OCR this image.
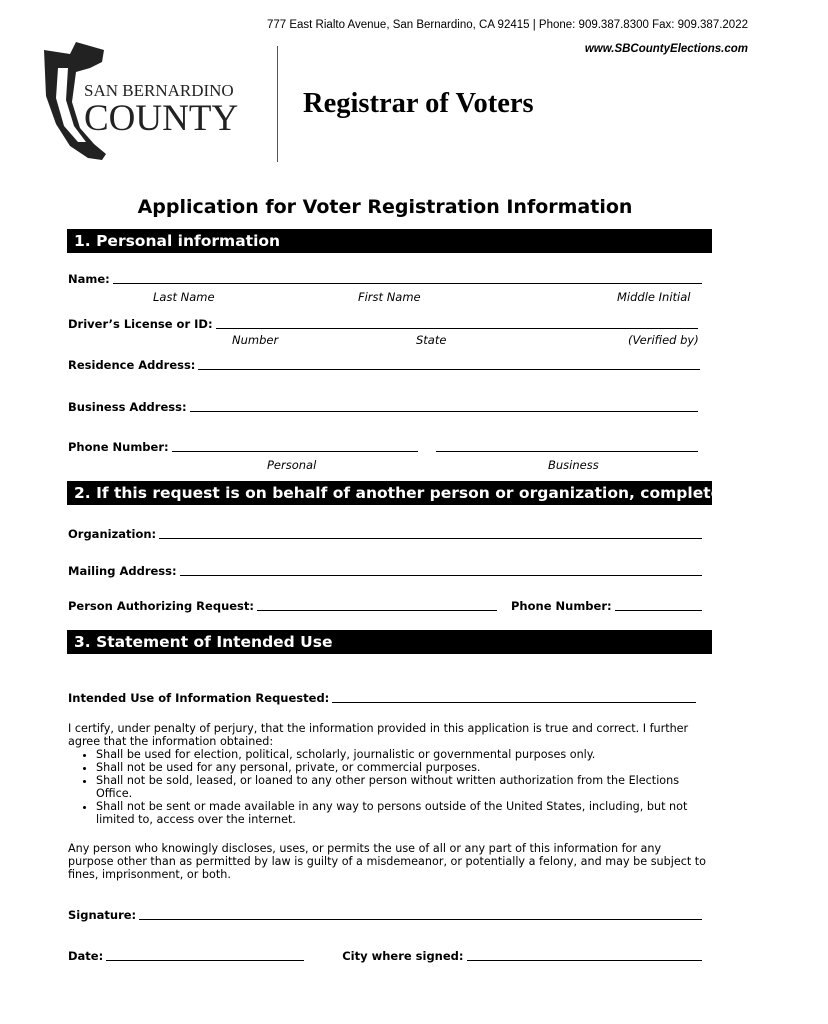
777 East Rialto Avenue, San Bernardino, CA 92415 | Phone: 909.387.8300 Fax: 909.387.2022
www.SBCountyElections.com
SAN BERNARDINO
COUNTY Registrar of Voters
Application for Voter Registration Information
1. Personal information
Name:
Last Name	First Name	Middle Initial
Driver’s License or ID:
Number	State	(Verified by)
Residence Address:
Business Address:
Phone Number:
Personal	Business
2. If this request is on behalf of another person or organization, complete this section
Organization:
Mailing Address:
Person Authorizing Request:	Phone Number:
3. Statement of Intended Use
Intended Use of Information Requested:
I certify, under penalty of perjury, that the information provided in this application is true and correct. I further agree that the information obtained:
• Shall be used for election, political, scholarly, journalistic or governmental purposes only.
• Shall not be used for any personal, private, or commercial purposes.
• Shall not be sold, leased, or loaned to any other person without written authorization from the Elections Office.
• Shall not be sent or made available in any way to persons outside of the United States, including, but not limited to, access over the internet.
Any person who knowingly discloses, uses, or permits the use of all or any part of this information for any purpose other than as permitted by law is guilty of a misdemeanor, or potentially a felony, and may be subject to fines, imprisonment, or both.
Signature:
Date:	City where signed:
